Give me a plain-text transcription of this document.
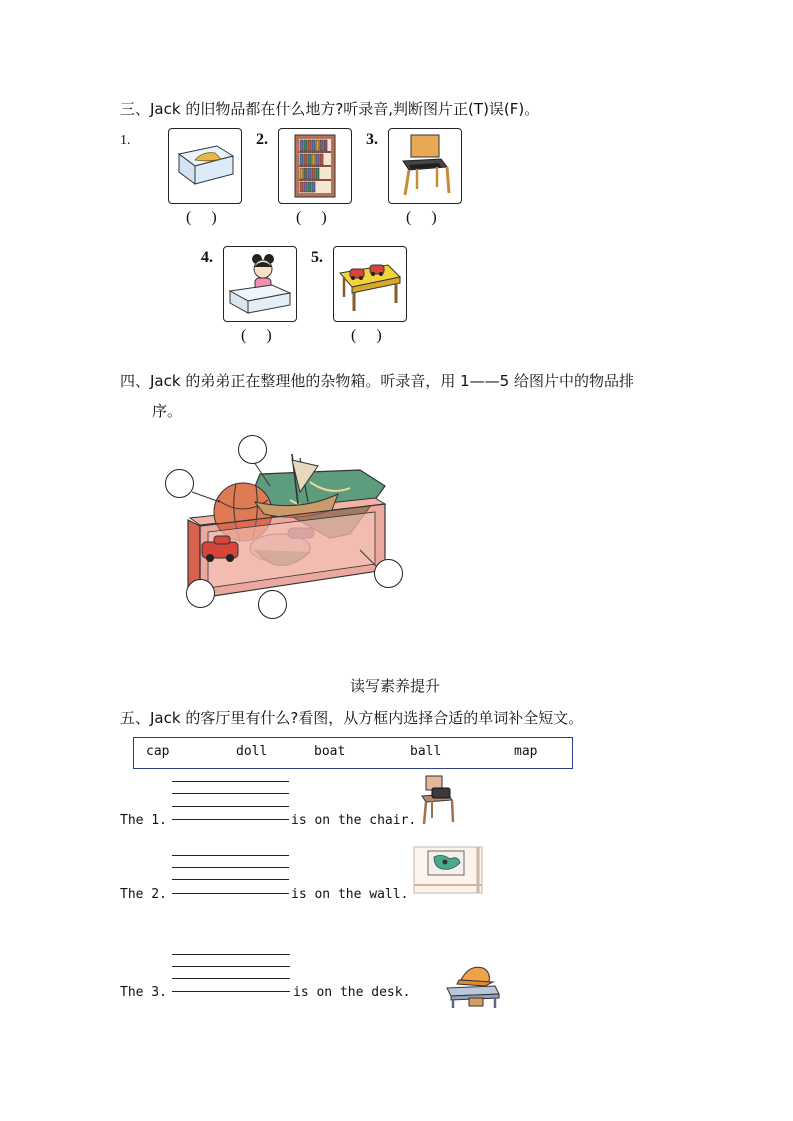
三、Jack 的旧物品都在什么地方?听录音,判断图片正(T)误(F)。
1.
( )
2.
( )
3.
( )
4.
( )
5.
( )
四、Jack 的弟弟正在整理他的杂物箱。听录音，用 1——5 给图片中的物品排
序。
读写素养提升
五、Jack 的客厅里有什么?看图，从方框内选择合适的单词补全短文。
cap	doll	boat	ball	map
The 1.	is on the chair.
The 2.	is on the wall.
The 3.	is on the desk.
